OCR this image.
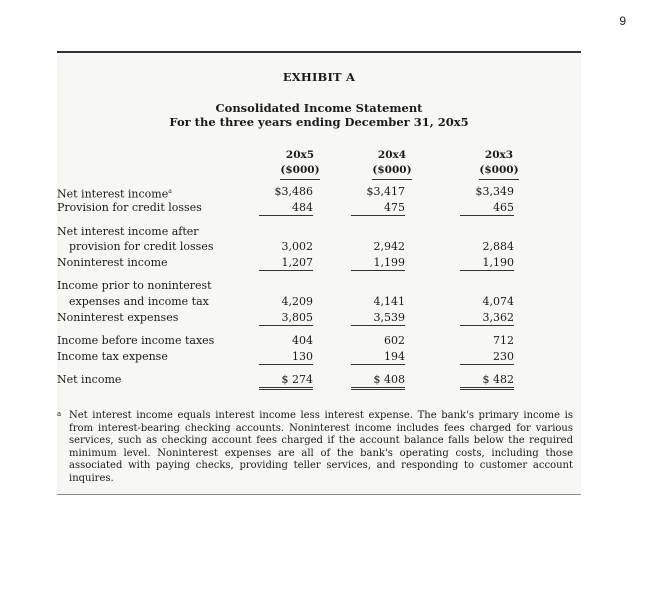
9
EXHIBIT A
Consolidated Income Statement
For the three years ending December 31, 20x5
20x5
($000)
20x4
($000)
20x3
($000)
Net interest income$^a$	$3,486	$3,417	$3,349
Provision for credit losses	484	475	465
Net interest income after
provision for credit losses	3,002	2,942	2,884
Noninterest income	1,207	1,199	1,190
Income prior to noninterest
expenses and income tax	4,209	4,141	4,074
Noninterest expenses	3,805	3,539	3,362
Income before income taxes	404	602	712
Income tax expense	130	194	230
Net income	$ 274	$ 408	$ 482
a Net interest income equals interest income less interest expense. The bank's primary income is from interest-bearing checking accounts. Noninterest income includes fees charged for various services, such as checking account fees charged if the account balance falls below the required minimum level. Noninterest expenses are all of the bank's operating costs, including those associated with paying checks, providing teller services, and responding to customer account inquires.
